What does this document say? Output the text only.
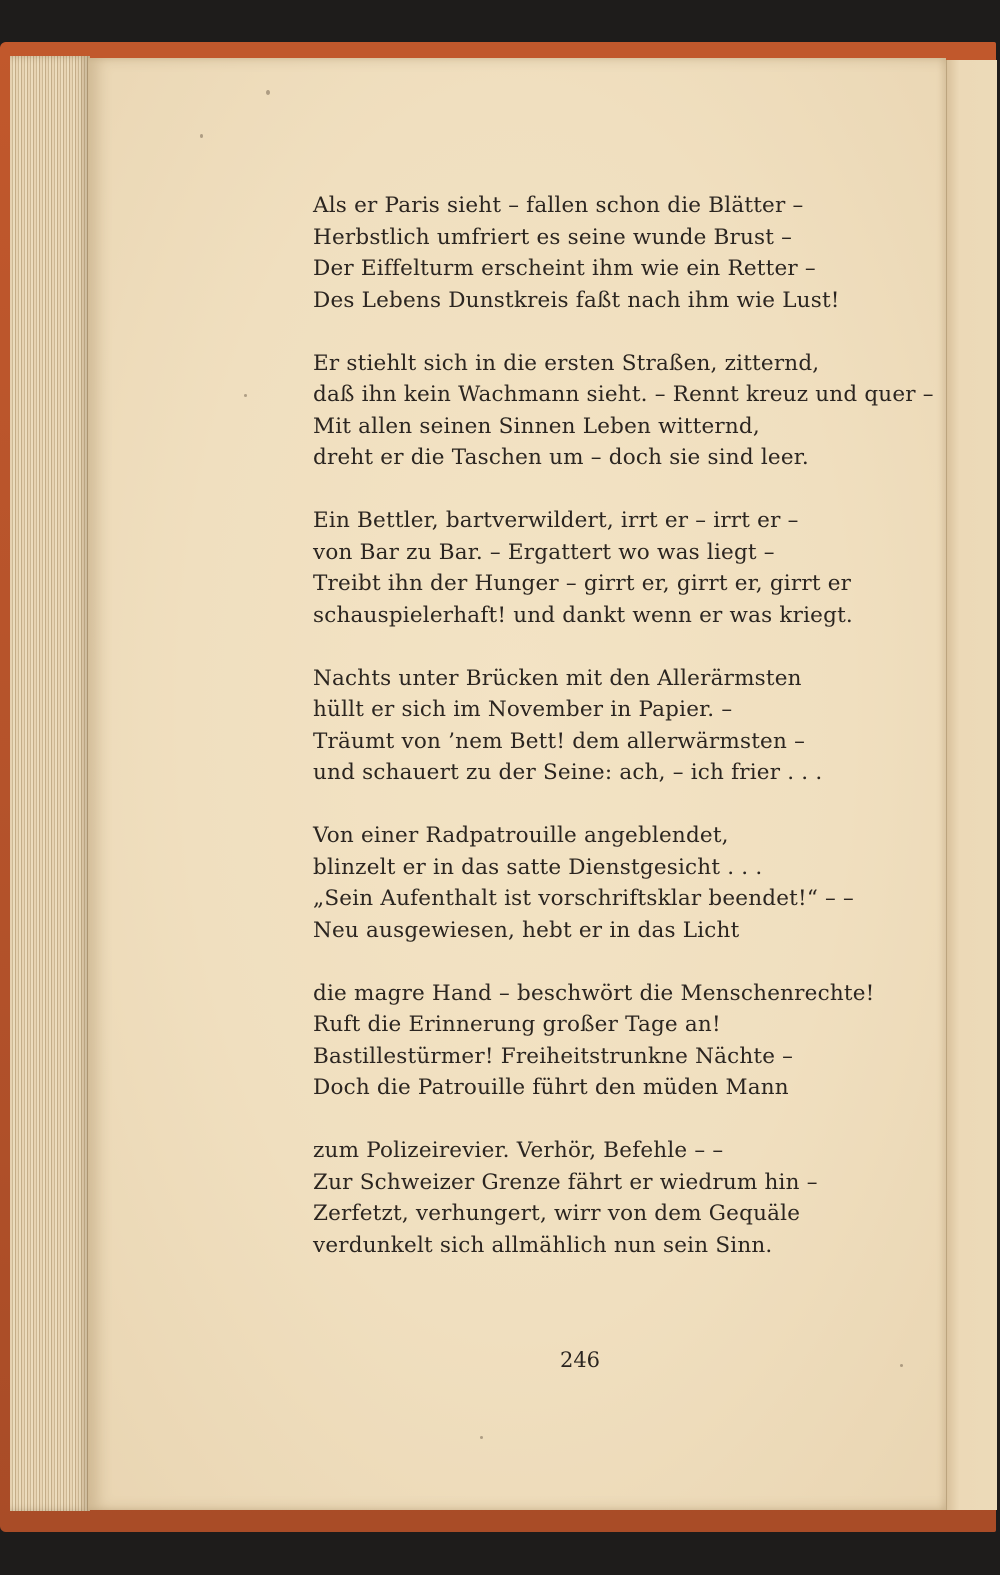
Als er Paris sieht – fallen schon die Blätter –
Herbstlich umfriert es seine wunde Brust –
Der Eiffelturm erscheint ihm wie ein Retter –
Des Lebens Dunstkreis faßt nach ihm wie Lust!
Er stiehlt sich in die ersten Straßen, zitternd,
daß ihn kein Wachmann sieht. – Rennt kreuz und quer –
Mit allen seinen Sinnen Leben witternd,
dreht er die Taschen um – doch sie sind leer.
Ein Bettler, bartverwildert, irrt er – irrt er –
von Bar zu Bar. – Ergattert wo was liegt –
Treibt ihn der Hunger – girrt er, girrt er, girrt er
schauspielerhaft! und dankt wenn er was kriegt.
Nachts unter Brücken mit den Allerärmsten
hüllt er sich im November in Papier. –
Träumt von ’nem Bett! dem allerwärmsten –
und schauert zu der Seine: ach, – ich frier . . .
Von einer Radpatrouille angeblendet,
blinzelt er in das satte Dienstgesicht . . .
„Sein Aufenthalt ist vorschriftsklar beendet!“ – –
Neu ausgewiesen, hebt er in das Licht
die magre Hand – beschwört die Menschenrechte!
Ruft die Erinnerung großer Tage an!
Bastillestürmer! Freiheitstrunkne Nächte –
Doch die Patrouille führt den müden Mann
zum Polizeirevier. Verhör, Befehle – –
Zur Schweizer Grenze fährt er wiedrum hin –
Zerfetzt, verhungert, wirr von dem Gequäle
verdunkelt sich allmählich nun sein Sinn.
246
